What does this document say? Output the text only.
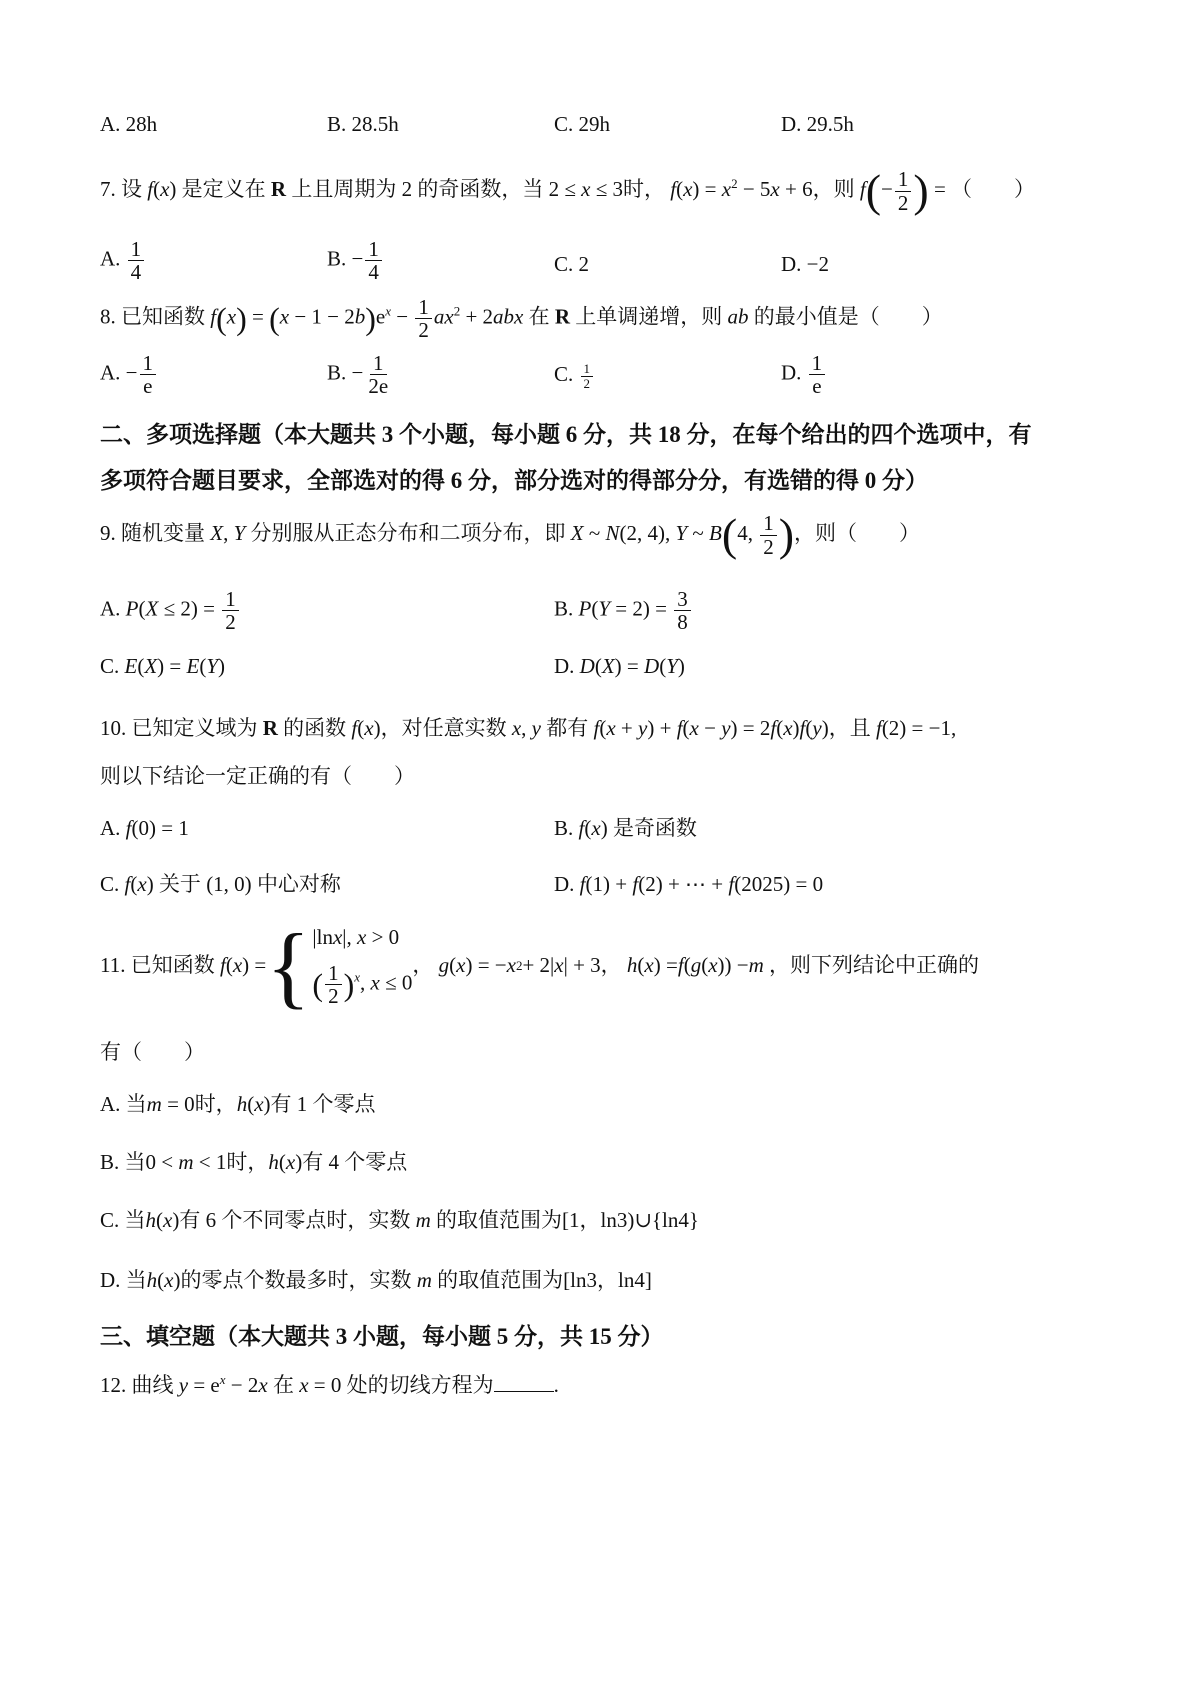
A. 28h	B. 28.5h	C. 29h	D. 29.5h
7. 设 f(x) 是定义在 R 上且周期为 2 的奇函数，当 2 ≤ x ≤ 3时， $f(x) = x^2 - 5x + 6$，则 $f(- \frac{1}{2}$ ) = （　　）
A. $\frac{1}{4}$	B. − $\frac{1}{4}$	C. 2	D. −2
8. 已知函数 $f(x) = (x - 1 - 2b)e^x - \frac{1}{2} ax^2 + 2abx$ 在 R 上单调递增，则 ab 的最小值是（　　）
A. − $\frac{1}{e}$	B. − $\frac{1}{2e}$	C. $\frac{1}{2}$	D. $\frac{1}{e}$
二、多项选择题（本大题共 3 个小题，每小题 6 分，共 18 分，在每个给出的四个选项中，有
多项符合题目要求，全部选对的得 6 分，部分选对的得部分分，有选错的得 0 分）
9. 随机变量 X, Y 分别服从正态分布和二项分布，即 X ~ N(2, 4), Y ~ B(4, $\frac{1}{2}$ )，则（　　）
A. $P(X \le 2) = \frac{1}{2}$	B. $P(Y = 2) = \frac{3}{8}$
C. E(X) = E(Y)	D. D(X) = D(Y)
10. 已知定义域为 R 的函数 f(x)，对任意实数 x, y 都有 f(x + y) + f(x − y) = 2f(x)f(y)，且 f(2) = −1,
则以下结论一定正确的有（　　）
A. f(0) = 1	B. f(x) 是奇函数
C. f(x) 关于 (1, 0) 中心对称	D. f(1) + f(2) + ⋯ + f(2025) = 0
11. 已知函数
f ( x ) = { |lnx|, x > 0
( $\frac{1}{2} )^x$, x ≤ 0
，
g ( x ) = − x 2 + 2| x | + 3 ，
h ( x ) = f ( g ( x )) − m
，则下列结论中正确的
有（　　）
A. 当m = 0时，h(x)有 1 个零点
B. 当0 < m < 1时，h(x)有 4 个零点
C. 当h(x)有 6 个不同零点时，实数 m 的取值范围为[1，ln3)∪{ln4}
D. 当h(x)的零点个数最多时，实数 m 的取值范围为[ln3，ln4]
三、填空题（本大题共 3 小题，每小题 5 分，共 15 分）
12. 曲线 $y = e^x - 2x$ 在 x = 0 处的切线方程为	.
